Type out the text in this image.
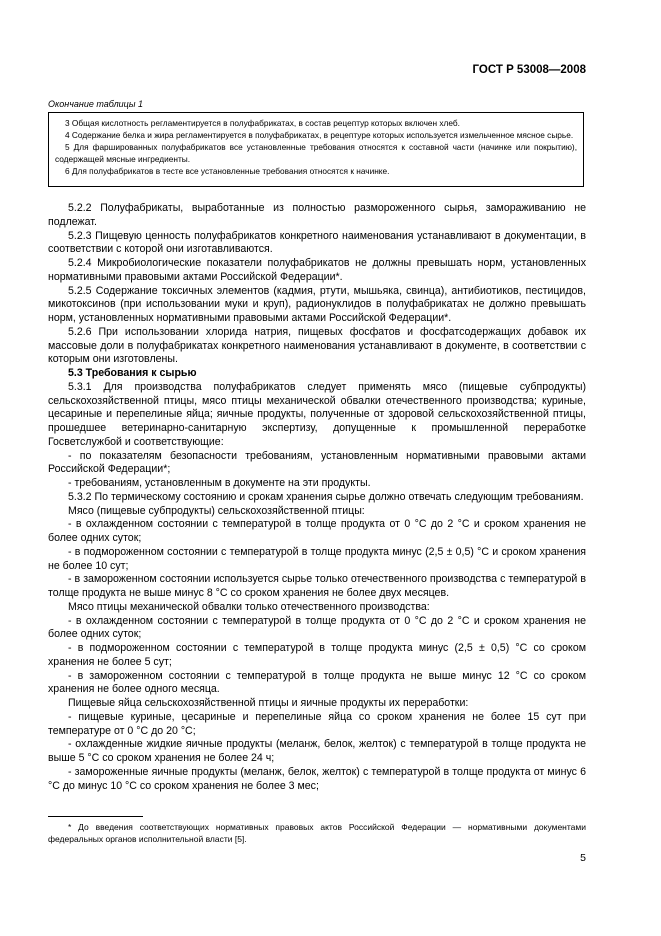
ГОСТ Р 53008—2008
Окончание таблицы 1

3 Общая кислотность регламентируется в полуфабрикатах, в состав рецептур которых включен хлеб.

4 Содержание белка и жира регламентируется в полуфабрикатах, в рецептуре которых используется измельченное мясное сырье.

5 Для фаршированных полуфабрикатов все установленные требования относятся к составной части (начинке или покрытию), содержащей мясные ингредиенты.

6 Для полуфабрикатов в тесте все установленные требования относятся к начинке.

5.2.2 Полуфабрикаты, выработанные из полностью размороженного сырья, замораживанию не подлежат.

5.2.3 Пищевую ценность полуфабрикатов конкретного наименования устанавливают в документации, в соответствии с которой они изготавливаются.

5.2.4 Микробиологические показатели полуфабрикатов не должны превышать норм, установленных нормативными правовыми актами Российской Федерации*.

5.2.5 Содержание токсичных элементов (кадмия, ртути, мышьяка, свинца), антибиотиков, пестицидов, микотоксинов (при использовании муки и круп), радионуклидов в полуфабрикатах не должно превышать норм, установленных нормативными правовыми актами Российской Федерации*.

5.2.6 При использовании хлорида натрия, пищевых фосфатов и фосфатсодержащих добавок их массовые доли в полуфабрикатах конкретного наименования устанавливают в документе, в соответствии с которым они изготовлены.

5.3 Требования к сырью

5.3.1 Для производства полуфабрикатов следует применять мясо (пищевые субпродукты) сельскохозяйственной птицы, мясо птицы механической обвалки отечественного производства; куриные, цесариные и перепелиные яйца; яичные продукты, полученные от здоровой сельскохозяйственной птицы, прошедшее ветеринарно-санитарную экспертизу, допущенные к промышленной переработке Госветслужбой и соответствующие:

- по показателям безопасности требованиям, установленным нормативными правовыми актами Российской Федерации*;

- требованиям, установленным в документе на эти продукты.

5.3.2 По термическому состоянию и срокам хранения сырье должно отвечать следующим требованиям.

Мясо (пищевые субпродукты) сельскохозяйственной птицы:

- в охлажденном состоянии с температурой в толще продукта от 0 °С до 2 °С и сроком хранения не более одних суток;

- в подмороженном состоянии с температурой в толще продукта минус (2,5 ± 0,5) °С и сроком хранения не более 10 сут;

- в замороженном состоянии используется сырье только отечественного производства с температурой в толще продукта не выше минус 8 °С со сроком хранения не более двух месяцев.

Мясо птицы механической обвалки только отечественного производства:

- в охлажденном состоянии с температурой в толще продукта от 0 °С до 2 °С и сроком хранения не более одних суток;

- в подмороженном состоянии с температурой в толще продукта минус (2,5 ± 0,5) °С со сроком хранения не более 5 сут;

- в замороженном состоянии с температурой в толще продукта не выше минус 12 °С со сроком хранения не более одного месяца.

Пищевые яйца сельскохозяйственной птицы и яичные продукты их переработки:

- пищевые куриные, цесариные и перепелиные яйца со сроком хранения не более 15 сут при температуре от 0 °С до 20 °С;

- охлажденные жидкие яичные продукты (меланж, белок, желток) с температурой в толще продукта не выше 5 °С со сроком хранения не более 24 ч;

- замороженные яичные продукты (меланж, белок, желток) с температурой в толще продукта от минус 6 °С до минус 10 °С со сроком хранения не более 3 мес;

* До введения соответствующих нормативных правовых актов Российской Федерации — нормативными документами федеральных органов исполнительной власти [5].

5
